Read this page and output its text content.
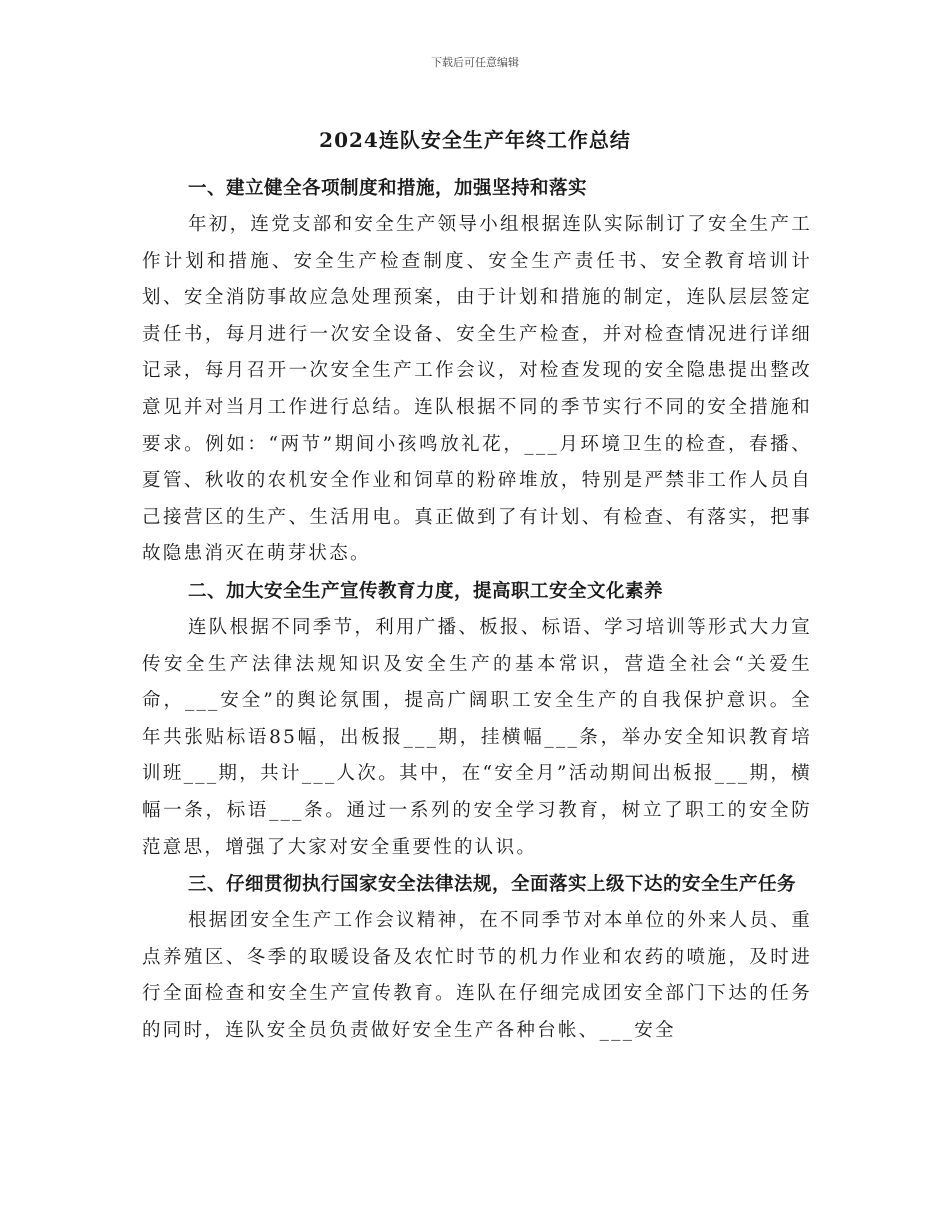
下载后可任意编辑
2024连队安全生产年终工作总结

一、建立健全各项制度和措施，加强坚持和落实

年初，连党支部和安全生产领导小组根据连队实际制订了安全生产工作计划和措施、安全生产检查制度、安全生产责任书、安全教育培训计划、安全消防事故应急处理预案，由于计划和措施的制定，连队层层签定责任书，每月进行一次安全设备、安全生产检查，并对检查情况进行详细记录，每月召开一次安全生产工作会议，对检查发现的安全隐患提出整改意见并对当月工作进行总结。连队根据不同的季节实行不同的安全措施和要求。例如：“两节”期间小孩鸣放礼花，___月环境卫生的检查，春播、夏管、秋收的农机安全作业和饲草的粉碎堆放，特别是严禁非工作人员自己接营区的生产、生活用电。真正做到了有计划、有检查、有落实，把事故隐患消灭在萌芽状态。

二、加大安全生产宣传教育力度，提高职工安全文化素养

连队根据不同季节，利用广播、板报、标语、学习培训等形式大力宣传安全生产法律法规知识及安全生产的基本常识，营造全社会“关爱生命，___安全”的舆论氛围，提高广阔职工安全生产的自我保护意识。全年共张贴标语85幅，出板报___期，挂横幅___条，举办安全知识教育培训班___期，共计___人次。其中，在“安全月”活动期间出板报___期，横幅一条，标语___条。通过一系列的安全学习教育，树立了职工的安全防范意思，增强了大家对安全重要性的认识。

三、仔细贯彻执行国家安全法律法规，全面落实上级下达的安全生产任务

根据团安全生产工作会议精神，在不同季节对本单位的外来人员、重点养殖区、冬季的取暖设备及农忙时节的机力作业和农药的喷施，及时进行全面检查和安全生产宣传教育。连队在仔细完成团安全部门下达的任务的同时，连队安全员负责做好安全生产各种台帐、___安全
